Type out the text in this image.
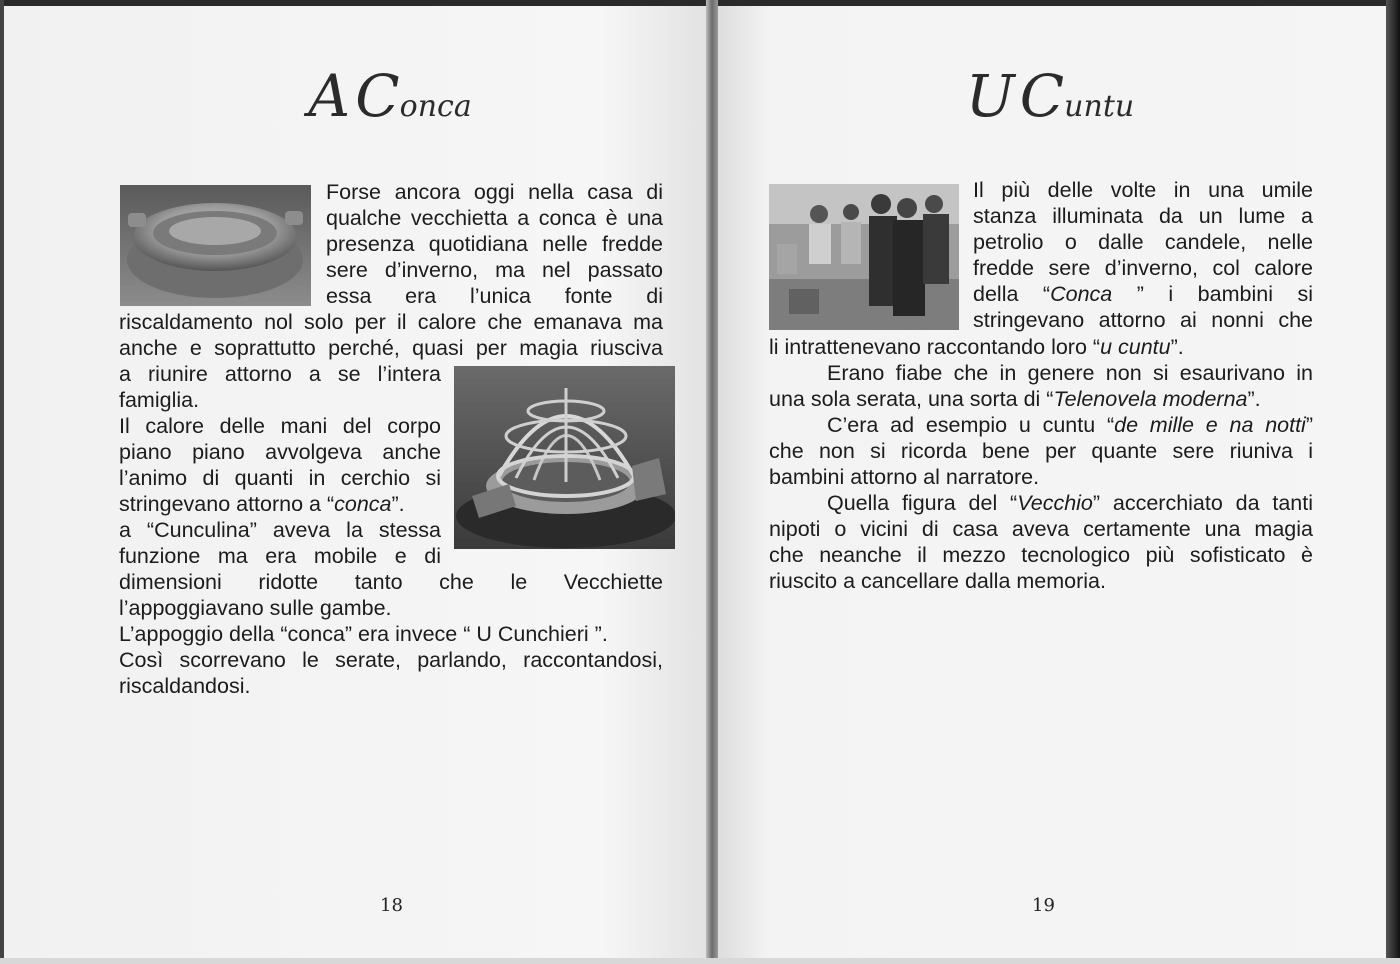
A Conca
Forse ancora oggi nella casa di
qualche vecchietta a conca è una
presenza quotidiana nelle fredde
sere d’inverno, ma nel passato
essa era l’unica fonte di
riscaldamento nol solo per il calore che emanava ma
anche e soprattutto perché, quasi per magia riusciva
a riunire attorno a se l’intera
famiglia.
Il calore delle mani del corpo
piano piano avvolgeva anche
l’animo di quanti in cerchio si
stringevano attorno a “conca”.
a “Cunculina” aveva la stessa
funzione ma era mobile e di
dimensioni ridotte tanto che le Vecchiette
l’appoggiavano sulle gambe.
L’appoggio della “conca” era invece “ U Cunchieri ”.
Così scorrevano le serate, parlando, raccontandosi,
riscaldandosi.
18
U Cuntu
Il più delle volte in una umile
stanza illuminata da un lume a
petrolio o dalle candele, nelle
fredde sere d’inverno, col calore
della “Conca ” i bambini si
stringevano attorno ai nonni che
li intrattenevano raccontando loro “u cuntu”.
Erano fiabe che in genere non si esaurivano in
una sola serata, una sorta di “Telenovela moderna”.
C’era ad esempio u cuntu “de mille e na notti”
che non si ricorda bene per quante sere riuniva i
bambini attorno al narratore.
Quella figura del “Vecchio” accerchiato da tanti
nipoti o vicini di casa aveva certamente una magia
che neanche il mezzo tecnologico più sofisticato è
riuscito a cancellare dalla memoria.
19
